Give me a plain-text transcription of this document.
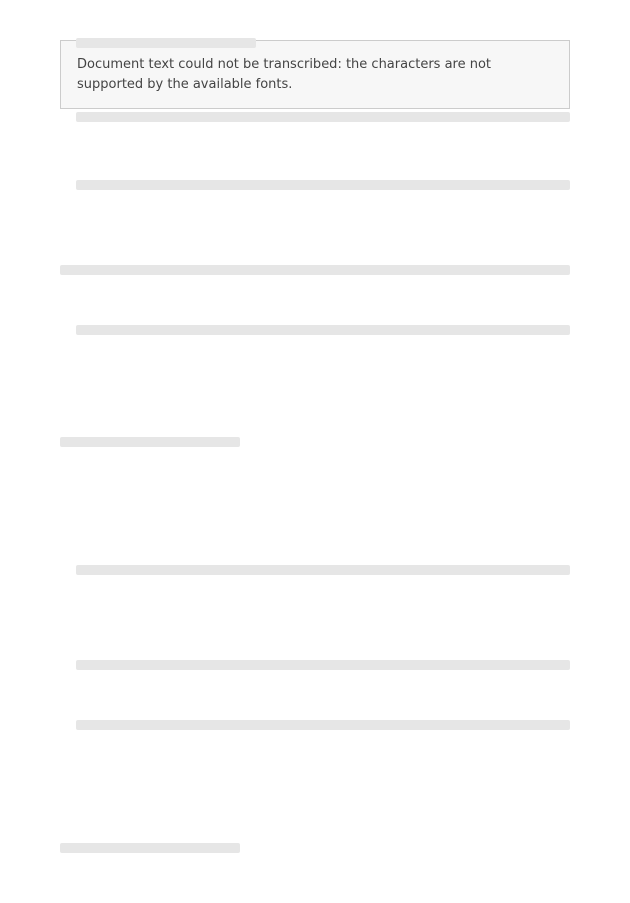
Document text could not be transcribed: the characters are not supported by the available fonts.
